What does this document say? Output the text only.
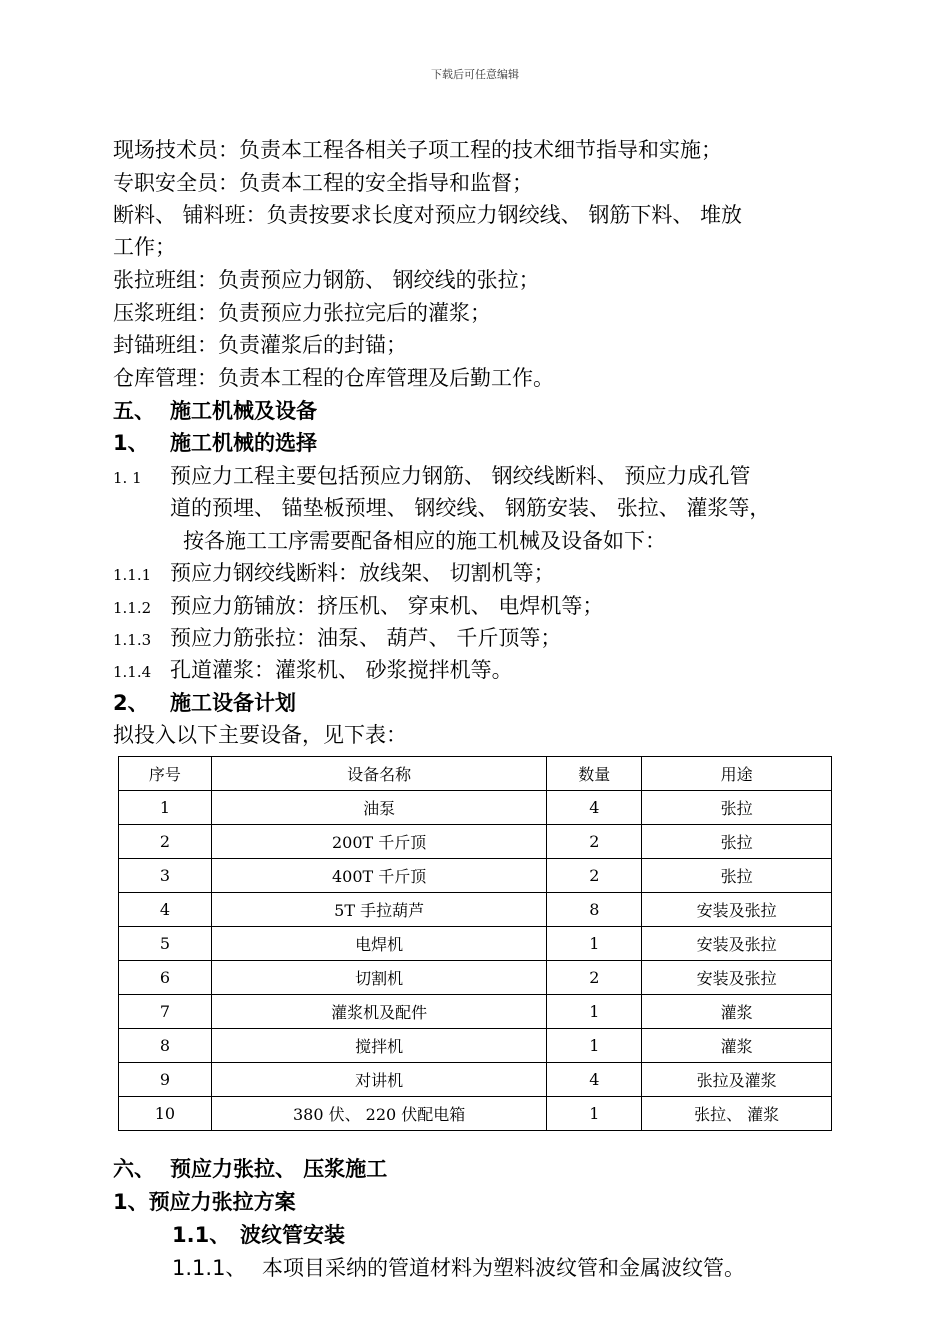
下载后可任意编辑
现场技术员：负责本工程各相关子项工程的技术细节指导和实施；
专职安全员：负责本工程的安全指导和监督；
断料、 铺料班：负责按要求长度对预应力钢绞线、 钢筋下料、 堆放
工作；
张拉班组：负责预应力钢筋、 钢绞线的张拉；
压浆班组：负责预应力张拉完后的灌浆；
封锚班组：负责灌浆后的封锚；
仓库管理：负责本工程的仓库管理及后勤工作。
五、 施工机械及设备
1、 施工机械的选择
1. 1 预应力工程主要包括预应力钢筋、 钢绞线断料、 预应力成孔管
道的预埋、 锚垫板预埋、 钢绞线、 钢筋安装、 张拉、 灌浆等，
按各施工工序需要配备相应的施工机械及设备如下：
1.1.1 预应力钢绞线断料：放线架、 切割机等；
1.1.2 预应力筋铺放：挤压机、 穿束机、 电焊机等；
1.1.3 预应力筋张拉：油泵、 葫芦、 千斤顶等；
1.1.4 孔道灌浆：灌浆机、 砂浆搅拌机等。
2、 施工设备计划
拟投入以下主要设备，见下表：
序号	设备名称	数量	用途
1	油泵	4	张拉
2	200T 千斤顶	2	张拉
3	400T 千斤顶	2	张拉
4	5T 手拉葫芦	8	安装及张拉
5	电焊机	1	安装及张拉
6	切割机	2	安装及张拉
7	灌浆机及配件	1	灌浆
8	搅拌机	1	灌浆
9	对讲机	4	张拉及灌浆
10	380 伏、 220 伏配电箱	1	张拉、 灌浆
六、 预应力张拉、 压浆施工
1、预应力张拉方案
1.1、 波纹管安装
1.1.1、 本项目采纳的管道材料为塑料波纹管和金属波纹管。
